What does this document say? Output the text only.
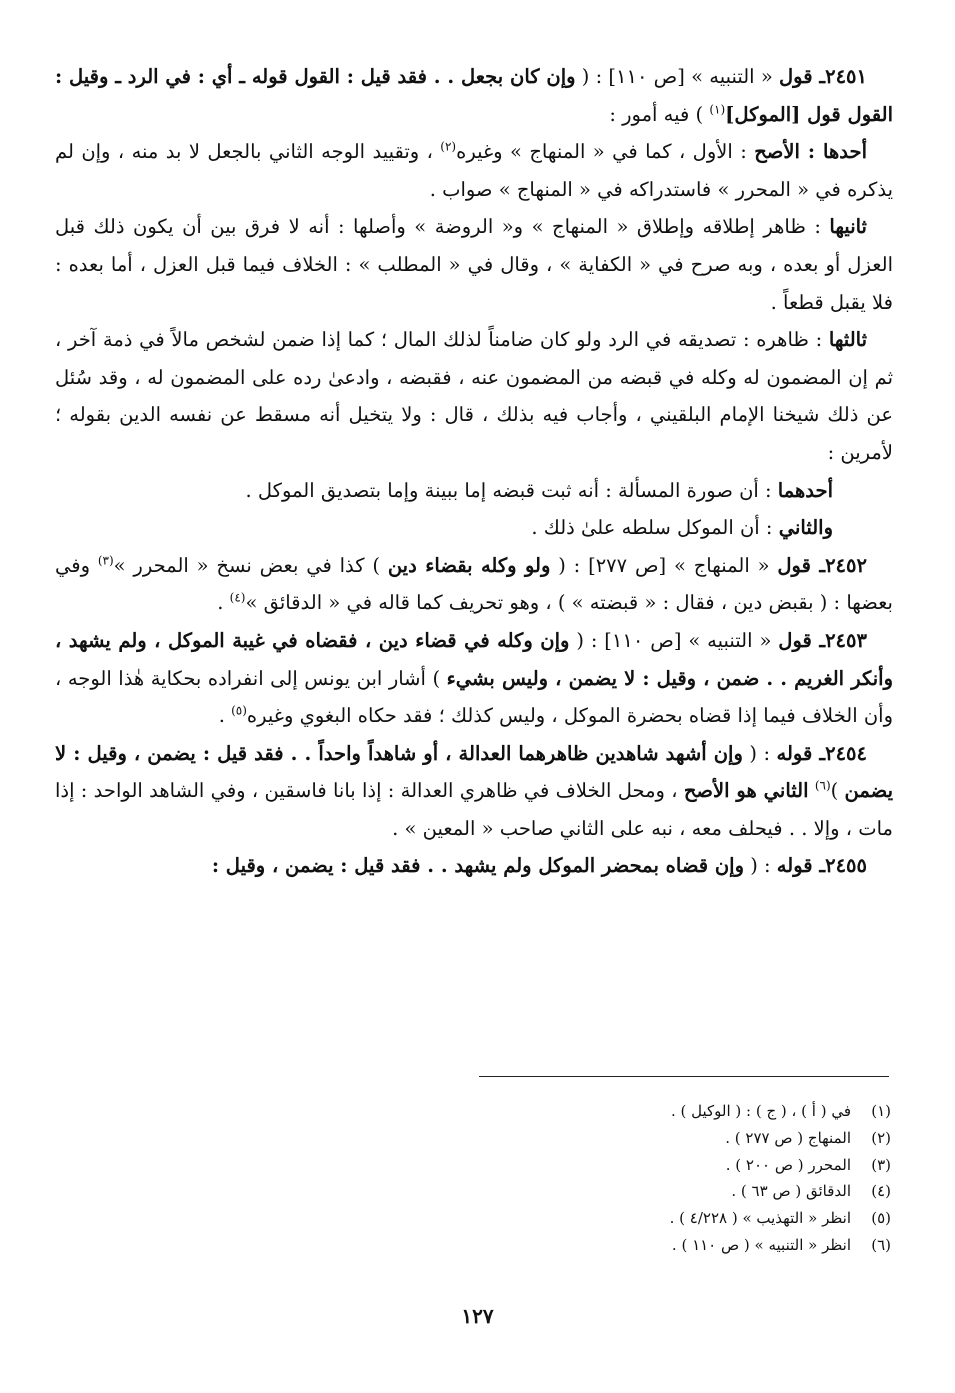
٢٤٥١ـ قول « التنبيه » [ص ١١٠] : ( وإن كان بجعل . . فقد قيل : القول قوله ـ أي : في الرد ـ وقيل : القول قول [الموكل]$^{(١)}$ ) فيه أمور :

أحدها : الأصح : الأول ، كما في « المنهاج » وغيره$^{(٢)}$ ، وتقييد الوجه الثاني بالجعل لا بد منه ، وإن لم يذكره في « المحرر » فاستدراكه في « المنهاج » صواب .

ثانيها : ظاهر إطلاقه وإطلاق « المنهاج » و« الروضة » وأصلها : أنه لا فرق بين أن يكون ذلك قبل العزل أو بعده ، وبه صرح في « الكفاية » ، وقال في « المطلب » : الخلاف فيما قبل العزل ، أما بعده : فلا يقبل قطعاً .

ثالثها : ظاهره : تصديقه في الرد ولو كان ضامناً لذلك المال ؛ كما إذا ضمن لشخص مالاً في ذمة آخر ، ثم إن المضمون له وكله في قبضه من المضمون عنه ، فقبضه ، وادعىٰ رده على المضمون له ، وقد سُئل عن ذلك شيخنا الإمام البلقيني ، وأجاب فيه بذلك ، قال : ولا يتخيل أنه مسقط عن نفسه الدين بقوله ؛ لأمرين :

أحدهما : أن صورة المسألة : أنه ثبت قبضه إما ببينة وإما بتصديق الموكل .

والثاني : أن الموكل سلطه علىٰ ذلك .

٢٤٥٢ـ قول « المنهاج » [ص ٢٧٧] : ( ولو وكله بقضاء دين ) كذا في بعض نسخ « المحرر »$^{(٣)}$ وفي بعضها : ( بقبض دين ، فقال : « قبضته » ) ، وهو تحريف كما قاله في « الدقائق »$^{(٤)}$ .

٢٤٥٣ـ قول « التنبيه » [ص ١١٠] : ( وإن وكله في قضاء دين ، فقضاه في غيبة الموكل ، ولم يشهد ، وأنكر الغريم . . ضمن ، وقيل : لا يضمن ، وليس بشيء ) أشار ابن يونس إلى انفراده بحكاية هٰذا الوجه ، وأن الخلاف فيما إذا قضاه بحضرة الموكل ، وليس كذلك ؛ فقد حكاه البغوي وغيره$^{(٥)}$ .

٢٤٥٤ـ قوله : ( وإن أشهد شاهدين ظاهرهما العدالة ، أو شاهداً واحداً . . فقد قيل : يضمن ، وقيل : لا يضمن )$^{(٦)}$ الثاني هو الأصح ، ومحل الخلاف في ظاهري العدالة : إذا بانا فاسقين ، وفي الشاهد الواحد : إذا مات ، وإلا . . فيحلف معه ، نبه على الثاني صاحب « المعين » .

٢٤٥٥ـ قوله : ( وإن قضاه بمحضر الموكل ولم يشهد . . فقد قيل : يضمن ، وقيل :

(١)
في ( أ ) ، ( ج ) : ( الوكيل ) .
(٢)
المنهاج ( ص ٢٧٧ ) .
(٣)
المحرر ( ص ٢٠٠ ) .
(٤)
الدقائق ( ص ٦٣ ) .
(٥)
انظر « التهذيب » ( ٤/٢٢٨ ) .
(٦)
انظر « التنبيه » ( ص ١١٠ ) .
١٢٧
